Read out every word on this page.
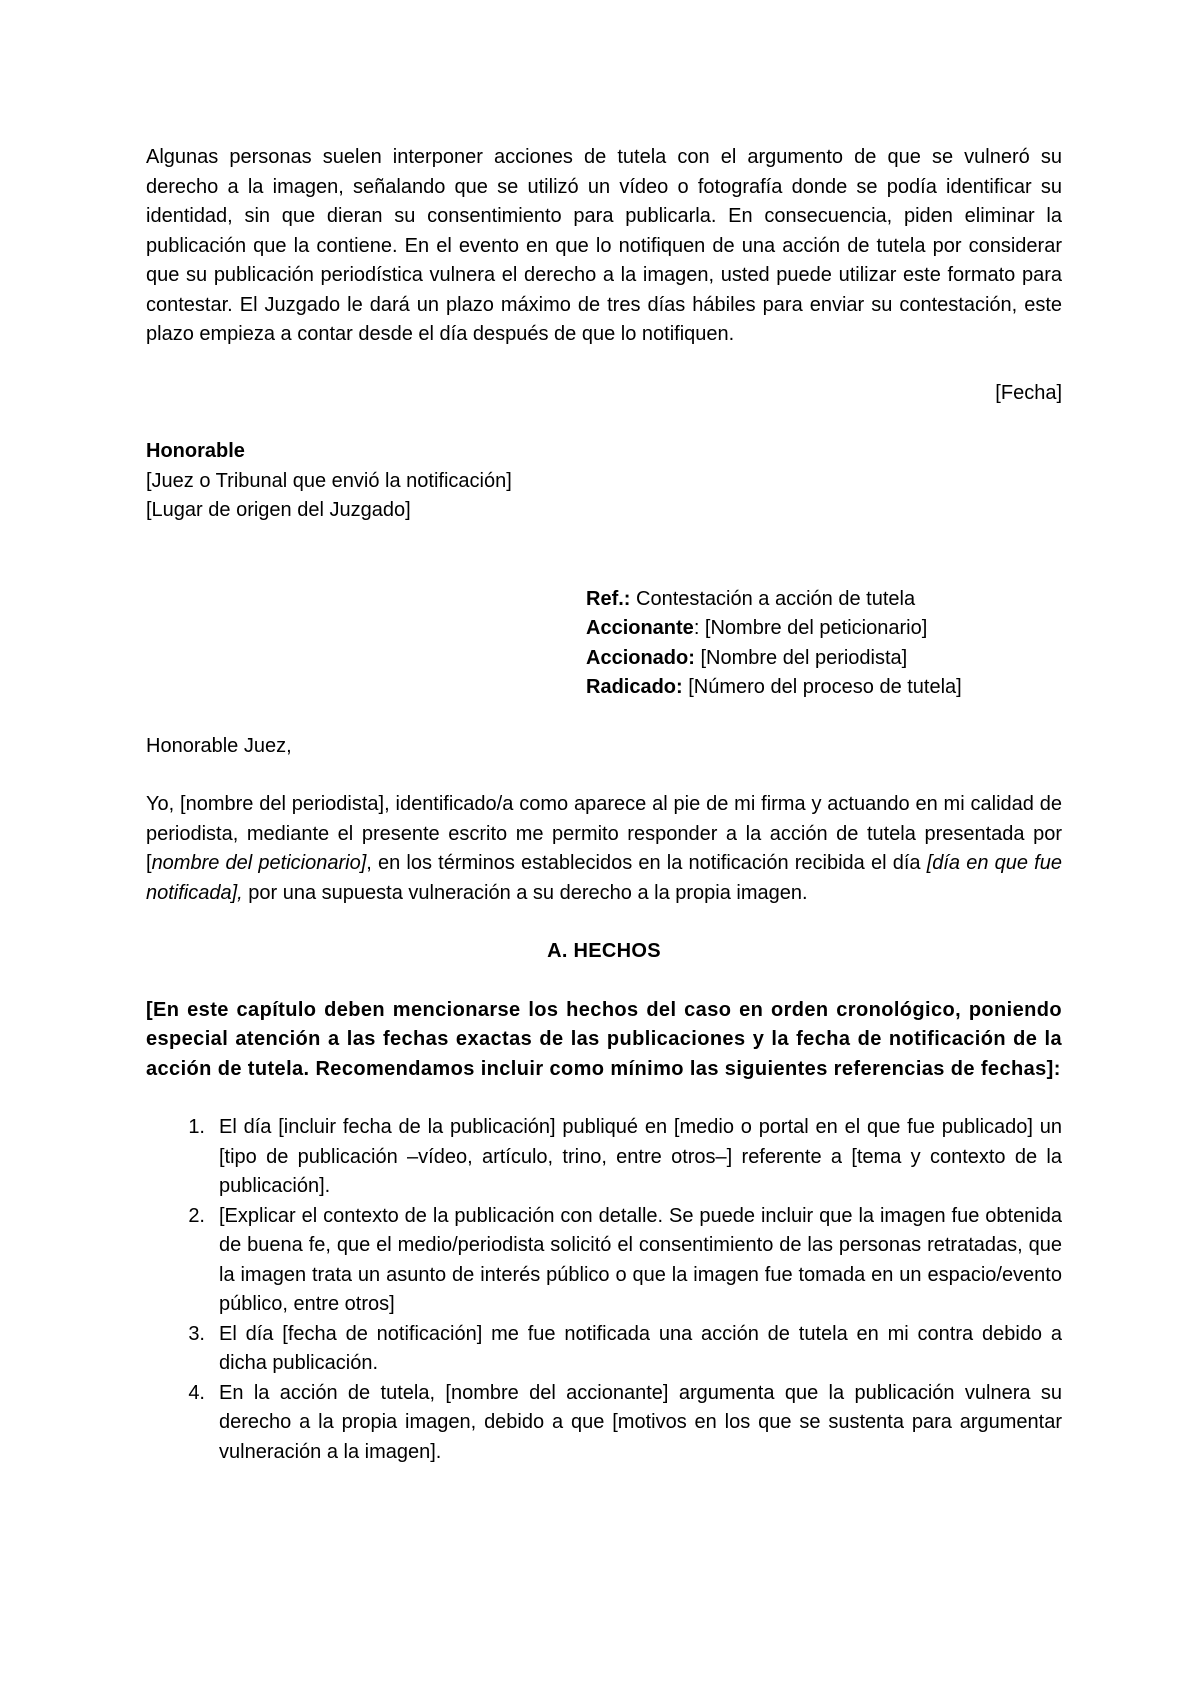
Algunas personas suelen interponer acciones de tutela con el argumento de que se vulneró su derecho a la imagen, señalando que se utilizó un vídeo o fotografía donde se podía identificar su identidad, sin que dieran su consentimiento para publicarla. En consecuencia, piden eliminar la publicación que la contiene. En el evento en que lo notifiquen de una acción de tutela por considerar que su publicación periodística vulnera el derecho a la imagen, usted puede utilizar este formato para contestar. El Juzgado le dará un plazo máximo de tres días hábiles para enviar su contestación, este plazo empieza a contar desde el día después de que lo notifiquen.

[Fecha]

Honorable

[Juez o Tribunal que envió la notificación]

[Lugar de origen del Juzgado]

Ref.: Contestación a acción de tutela

Accionante: [Nombre del peticionario]

Accionado: [Nombre del periodista]

Radicado: [Número del proceso de tutela]

Honorable Juez,

Yo, [nombre del periodista], identificado/a como aparece al pie de mi firma y actuando en mi calidad de periodista, mediante el presente escrito me permito responder a la acción de tutela presentada por [nombre del peticionario], en los términos establecidos en la notificación recibida el día [día en que fue notificada], por una supuesta vulneración a su derecho a la propia imagen.

A. HECHOS

[En este capítulo deben mencionarse los hechos del caso en orden cronológico, poniendo especial atención a las fechas exactas de las publicaciones y la fecha de notificación de la acción de tutela. Recomendamos incluir como mínimo las siguientes referencias de fechas]:

1. El día [incluir fecha de la publicación] publiqué en [medio o portal en el que fue publicado] un [tipo de publicación –vídeo, artículo, trino, entre otros–] referente a [tema y contexto de la publicación].
2. [Explicar el contexto de la publicación con detalle. Se puede incluir que la imagen fue obtenida de buena fe, que el medio/periodista solicitó el consentimiento de las personas retratadas, que la imagen trata un asunto de interés público o que la imagen fue tomada en un espacio/evento público, entre otros]
3. El día [fecha de notificación] me fue notificada una acción de tutela en mi contra debido a dicha publicación.
4. En la acción de tutela, [nombre del accionante] argumenta que la publicación vulnera su derecho a la propia imagen, debido a que [motivos en los que se sustenta para argumentar vulneración a la imagen].
